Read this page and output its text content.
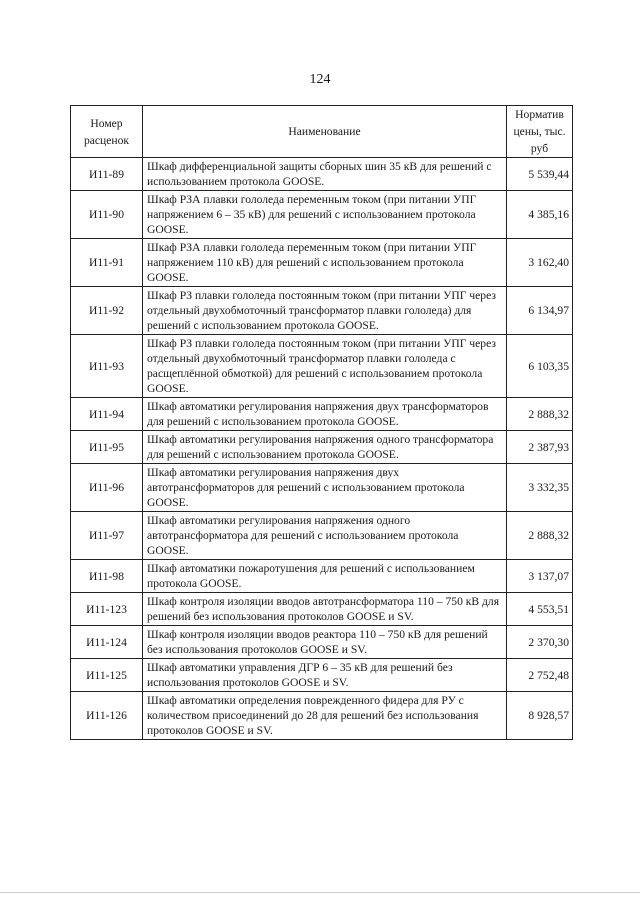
124
Номер расценок	Наименование	Норматив цены, тыс. руб
И11-89	Шкаф дифференциальной защиты сборных шин 35 кВ для решений с использованием протокола GOOSE.	5 539,44
И11-90	Шкаф РЗА плавки гололеда переменным током (при питании УПГ напряжением 6 – 35 кВ) для решений с использованием протокола GOOSE.	4 385,16
И11-91	Шкаф РЗА плавки гололеда переменным током (при питании УПГ напряжением 110 кВ) для решений с использованием протокола GOOSE.	3 162,40
И11-92	Шкаф РЗ плавки гололеда постоянным током (при питании УПГ через отдельный двухобмоточный трансформатор плавки гололеда) для решений с использованием протокола GOOSE.	6 134,97
И11-93	Шкаф РЗ плавки гололеда постоянным током (при питании УПГ через отдельный двухобмоточный трансформатор плавки гололеда с расщеплённой обмоткой) для решений с использованием протокола GOOSE.	6 103,35
И11-94	Шкаф автоматики регулирования напряжения двух трансформаторов для решений с использованием протокола GOOSE.	2 888,32
И11-95	Шкаф автоматики регулирования напряжения одного трансформатора для решений с использованием протокола GOOSE.	2 387,93
И11-96	Шкаф автоматики регулирования напряжения двух автотрансформаторов для решений с использованием протокола GOOSE.	3 332,35
И11-97	Шкаф автоматики регулирования напряжения одного автотрансформатора для решений с использованием протокола GOOSE.	2 888,32
И11-98	Шкаф автоматики пожаротушения для решений с использованием протокола GOOSE.	3 137,07
И11-123	Шкаф контроля изоляции вводов автотрансформатора 110 – 750 кВ для решений без использования протоколов GOOSE и SV.	4 553,51
И11-124	Шкаф контроля изоляции вводов реактора 110 – 750 кВ для решений без использования протоколов GOOSE и SV.	2 370,30
И11-125	Шкаф автоматики управления ДГР 6 – 35 кВ для решений без использования протоколов GOOSE и SV.	2 752,48
И11-126	Шкаф автоматики определения поврежденного фидера для РУ с количеством присоединений до 28 для решений без использования протоколов GOOSE и SV.	8 928,57
